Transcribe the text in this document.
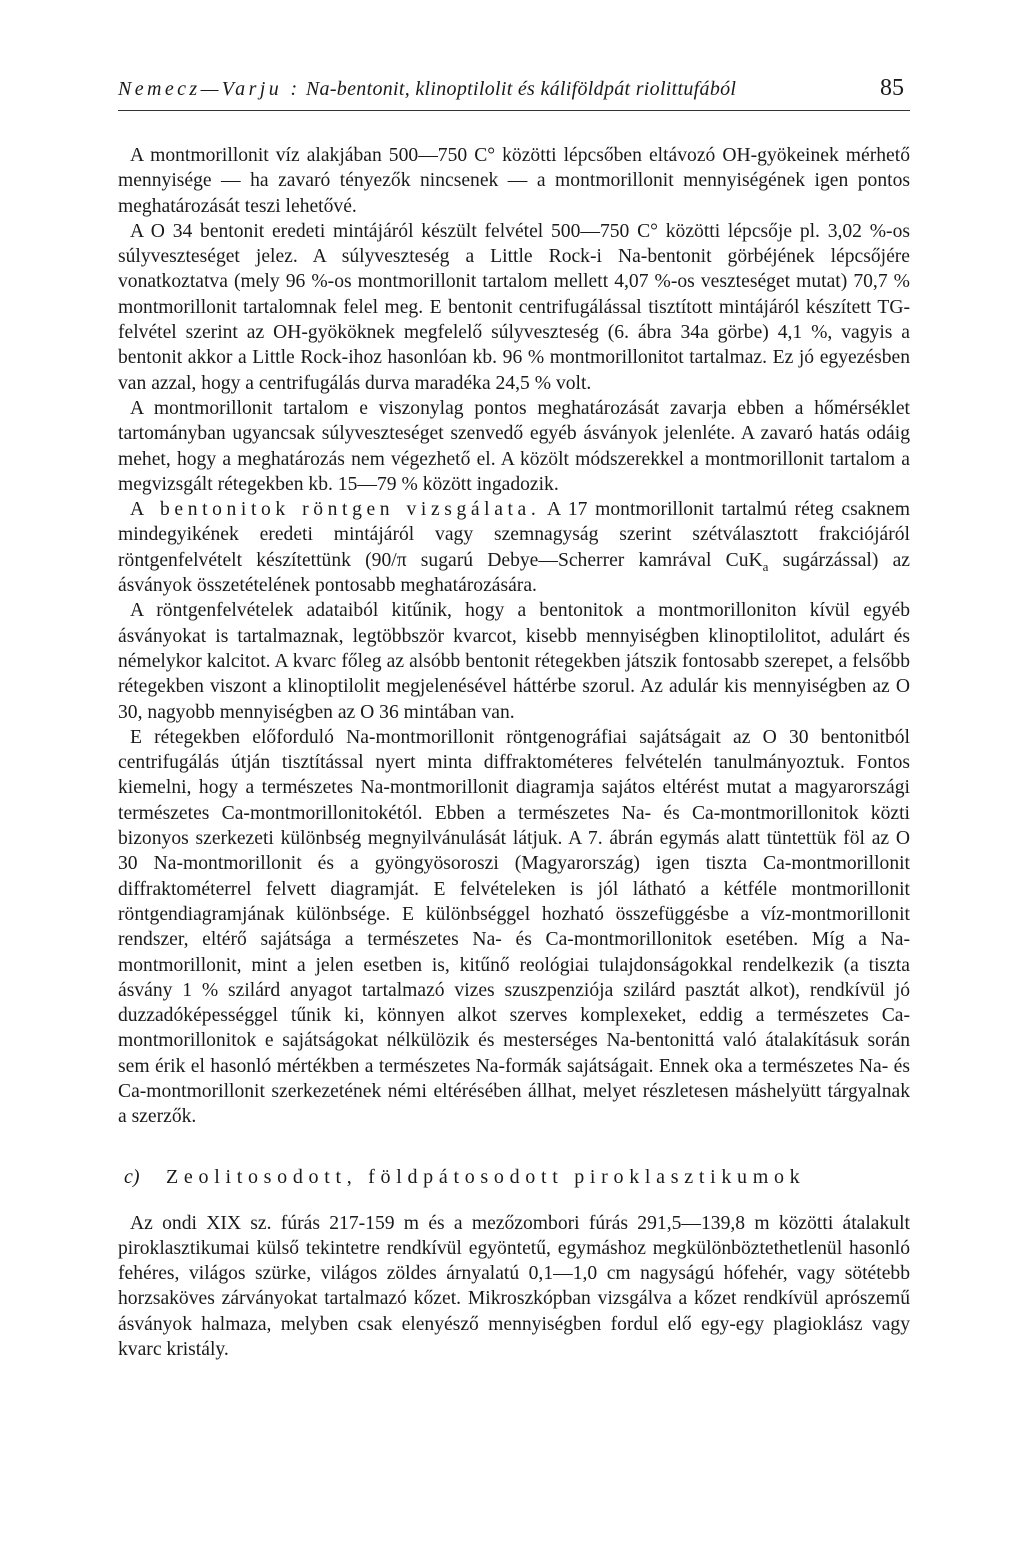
Nemecz—Varju : Na-bentonit, klinoptilolit és káliföldpát riolittufából	85

A montmorillonit víz alakjában 500—750 C° közötti lépcsőben eltávozó OH-gyökeinek mérhető mennyisége — ha zavaró tényezők nincsenek — a montmorillonit mennyiségének igen pontos meghatározását teszi lehetővé.

A O 34 bentonit eredeti mintájáról készült felvétel 500—750 C° közötti lépcsője pl. 3,02 %-os súlyveszteséget jelez. A súlyveszteség a Little Rock-i Na-bentonit görbéjének lépcsőjére vonatkoztatva (mely 96 %-os montmorillonit tartalom mellett 4,07 %-os veszteséget mutat) 70,7 % montmorillonit tartalomnak felel meg. E bentonit centrifugálással tisztított mintájáról készített TG-felvétel szerint az OH-gyököknek megfelelő súlyveszteség (6. ábra 34a görbe) 4,1 %, vagyis a bentonit akkor a Little Rock-ihoz hasonlóan kb. 96 % montmorillonitot tartalmaz. Ez jó egyezésben van azzal, hogy a centrifugálás durva maradéka 24,5 % volt.

A montmorillonit tartalom e viszonylag pontos meghatározását zavarja ebben a hőmérséklet tartományban ugyancsak súlyveszteséget szenvedő egyéb ásványok jelenléte. A zavaró hatás odáig mehet, hogy a meghatározás nem végezhető el. A közölt módszerekkel a montmorillonit tartalom a megvizsgált rétegekben kb. 15—79 % között ingadozik.

A bentonitok röntgen vizsgálata. A 17 montmorillonit tartalmú réteg csaknem mindegyikének eredeti mintájáról vagy szemnagyság szerint szétválasztott frakciójáról röntgenfelvételt készítettünk (90/π sugarú Debye—Scherrer kamrával CuK$_a$ sugárzással) az ásványok összetételének pontosabb meghatározására.

A röntgenfelvételek adataiból kitűnik, hogy a bentonitok a montmorilloniton kívül egyéb ásványokat is tartalmaznak, legtöbbször kvarcot, kisebb mennyiségben klinoptilolitot, adulárt és némelykor kalcitot. A kvarc főleg az alsóbb bentonit rétegekben játszik fontosabb szerepet, a felsőbb rétegekben viszont a klinoptilolit megjelenésével háttérbe szorul. Az adulár kis mennyiségben az O 30, nagyobb mennyiségben az O 36 mintában van.

E rétegekben előforduló Na-montmorillonit röntgenográfiai sajátságait az O 30 bentonitból centrifugálás útján tisztítással nyert minta diffraktométeres felvételén tanulmányoztuk. Fontos kiemelni, hogy a természetes Na-montmorillonit diagramja sajátos eltérést mutat a magyarországi természetes Ca-montmorillonitokétól. Ebben a természetes Na- és Ca-montmorillonitok közti bizonyos szerkezeti különbség megnyilvánulását látjuk. A 7. ábrán egymás alatt tüntettük föl az O 30 Na-montmorillonit és a gyöngyösoroszi (Magyarország) igen tiszta Ca-montmorillonit diffraktométerrel felvett diagramját. E felvételeken is jól látható a kétféle montmorillonit röntgendiagramjának különbsége. E különbséggel hozható összefüggésbe a víz-montmorillonit rendszer, eltérő sajátsága a természetes Na- és Ca-montmorillonitok esetében. Míg a Na-montmorillonit, mint a jelen esetben is, kitűnő reológiai tulajdonságokkal rendelkezik (a tiszta ásvány 1 % szilárd anyagot tartalmazó vizes szuszpenziója szilárd pasztát alkot), rendkívül jó duzzadóképességgel tűnik ki, könnyen alkot szerves komplexeket, eddig a természetes Ca-montmorillonitok e sajátságokat nélkülözik és mesterséges Na-bentonittá való átalakításuk során sem érik el hasonló mértékben a természetes Na-formák sajátságait. Ennek oka a természetes Na- és Ca-montmorillonit szerkezetének némi eltérésében állhat, melyet részletesen máshelyütt tárgyalnak a szerzők.

c) Zeolitosodott, földpátosodott piroklasztikumok

Az ondi XIX sz. fúrás 217-159 m és a mezőzombori fúrás 291,5—139,8 m közötti átalakult piroklasztikumai külső tekintetre rendkívül egyöntetű, egymáshoz megkülönböztethetlenül hasonló fehéres, világos szürke, világos zöldes árnyalatú 0,1—1,0 cm nagyságú hófehér, vagy sötétebb horzsaköves zárványokat tartalmazó kőzet. Mikroszkópban vizsgálva a kőzet rendkívül aprószemű ásványok halmaza, melyben csak elenyésző mennyiségben fordul elő egy-egy plagioklász vagy kvarc kristály.
